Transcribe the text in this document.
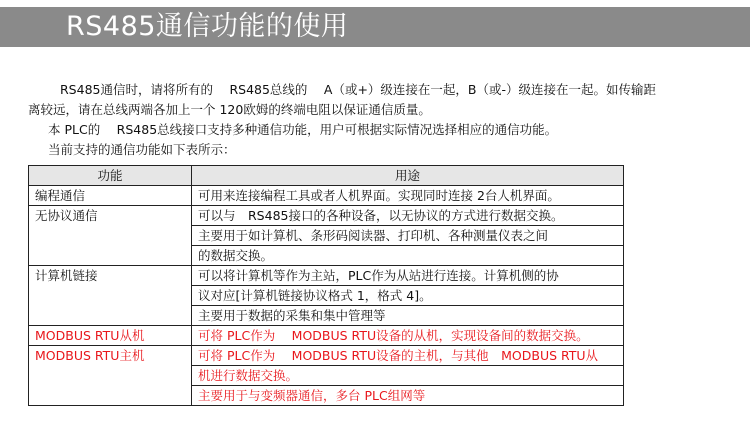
RS485通信功能的使用

RS485通信时，请将所有的　 RS485总线的　 A（或+）级连接在一起，B（或-）级连接在一起。如传输距

离较远，请在总线两端各加上一个 120欧姆的终端电阻以保证通信质量。

本 PLC的　 RS485总线接口支持多种通信功能，用户可根据实际情况选择相应的通信功能。

当前支持的通信功能如下表所示：

功能	用途
编程通信	可用来连接编程工具或者人机界面。实现同时连接 2台人机界面。

无协议通信	可以与　RS485接口的各种设备，以无协议的方式进行数据交换。
主要用于如计算机、条形码阅读器、打印机、各种测量仪表之间
的数据交换。

计算机链接	可以将计算机等作为主站，PLC作为从站进行连接。计算机侧的协
议对应[计算机链接协议格式 1，格式 4]。
主要用于数据的采集和集中管理等

MODBUS RTU从机	可将 PLC作为　 MODBUS RTU设备的从机，实现设备间的数据交换。

MODBUS RTU主机	可将 PLC作为　 MODBUS RTU设备的主机，与其他　MODBUS RTU从
机进行数据交换。
主要用于与变频器通信，多台 PLC组网等
